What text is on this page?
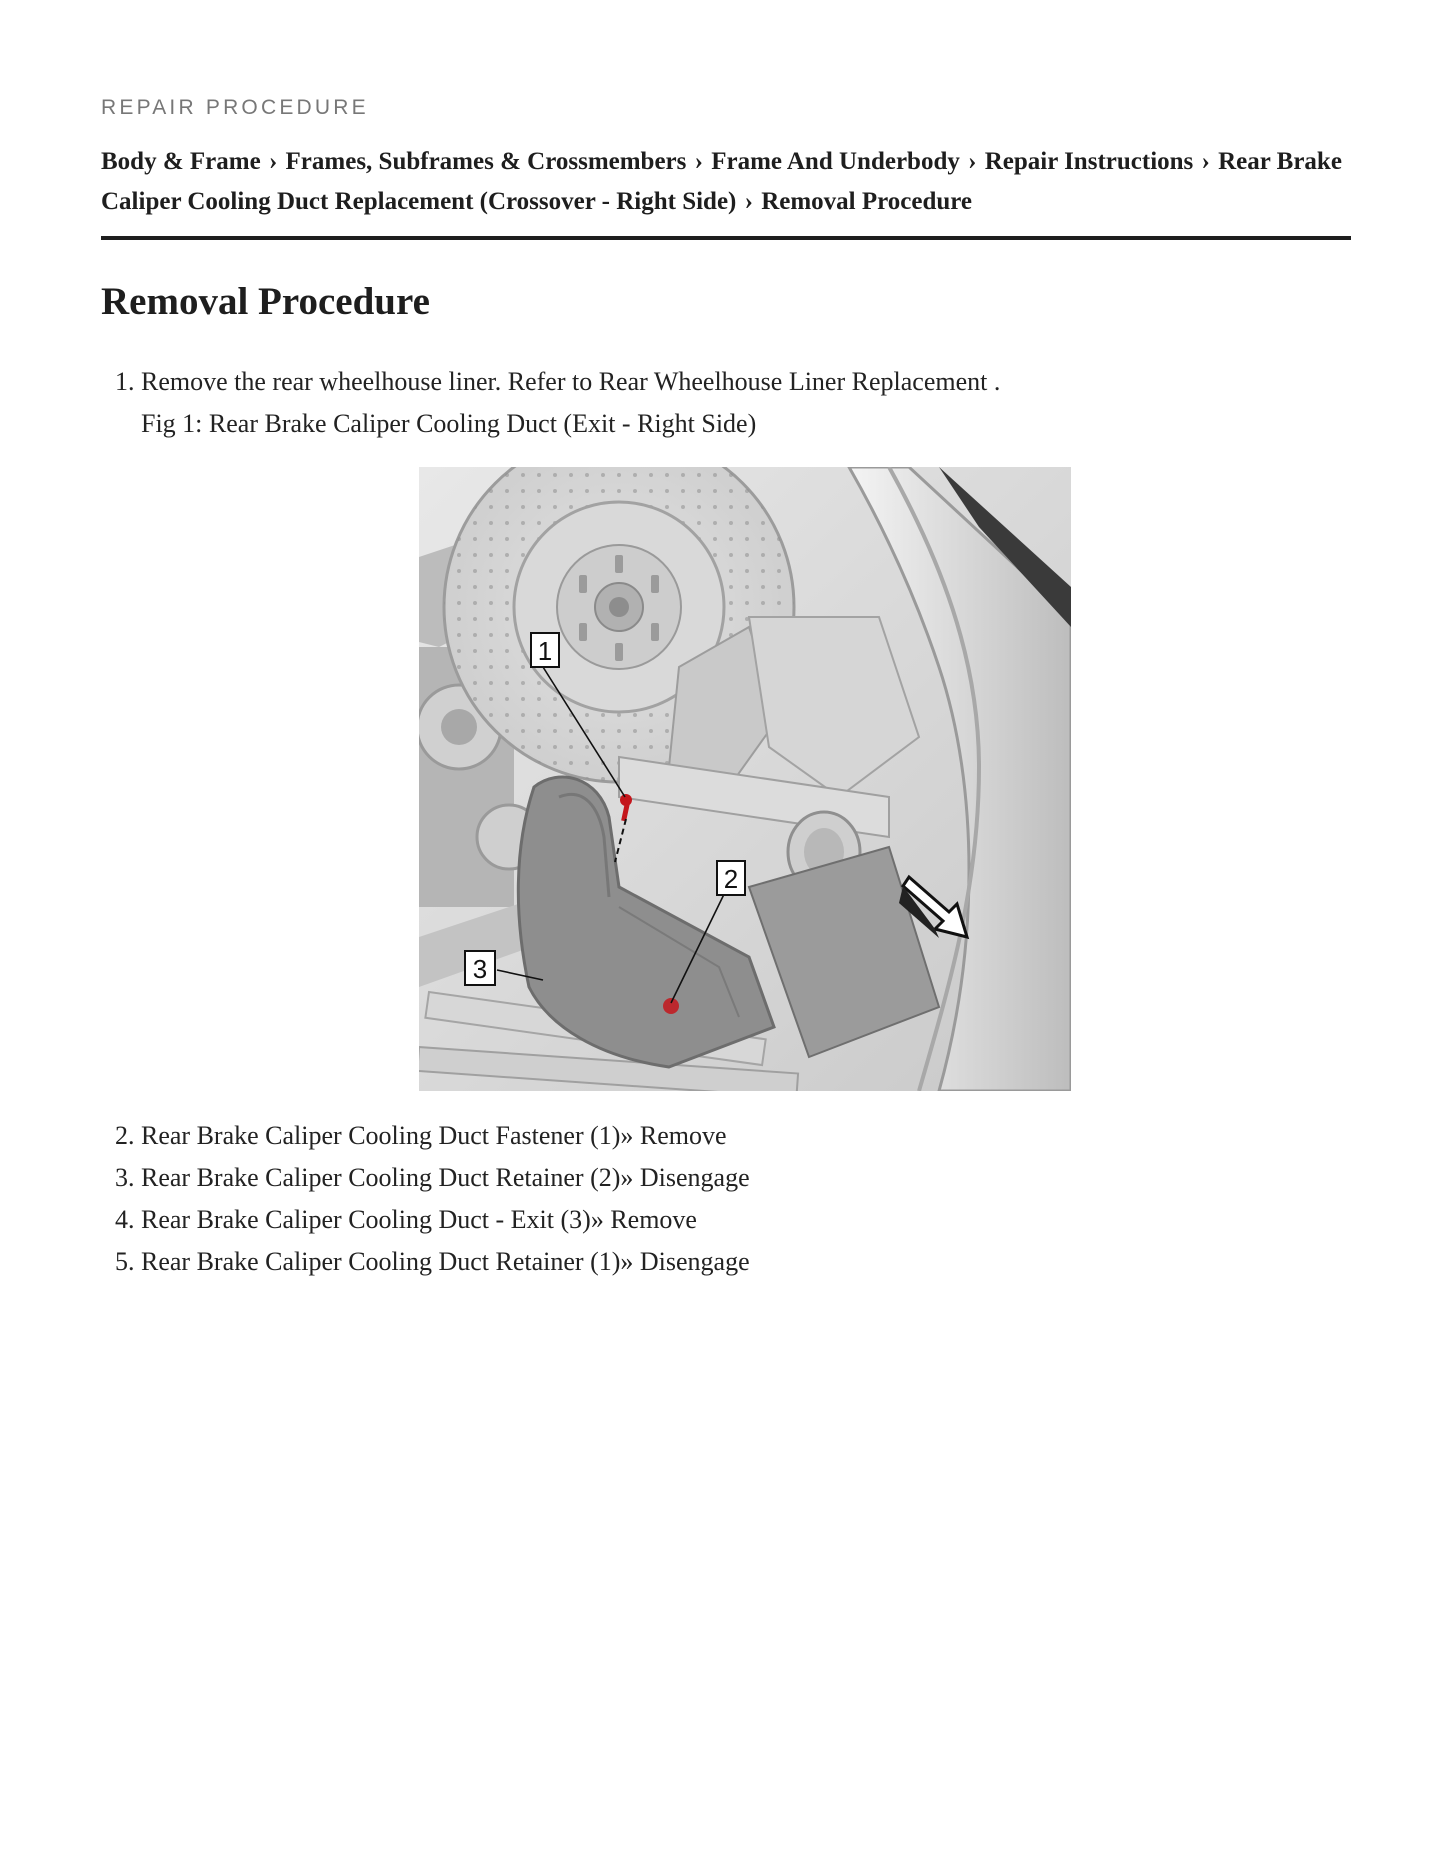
REPAIR PROCEDURE
Body & Frame › Frames, Subframes & Crossmembers › Frame And Underbody › Repair Instructions › Rear Brake Caliper Cooling Duct Replacement (Crossover - Right Side) › Removal Procedure
Removal Procedure
1. Remove the rear wheelhouse liner. Refer to Rear Wheelhouse Liner Replacement .
Fig 1: Rear Brake Caliper Cooling Duct (Exit - Right Side)
1
2
3
2. Rear Brake Caliper Cooling Duct Fastener (1)» Remove
3. Rear Brake Caliper Cooling Duct Retainer (2)» Disengage
4. Rear Brake Caliper Cooling Duct - Exit (3)» Remove
5. Rear Brake Caliper Cooling Duct Retainer (1)» Disengage
